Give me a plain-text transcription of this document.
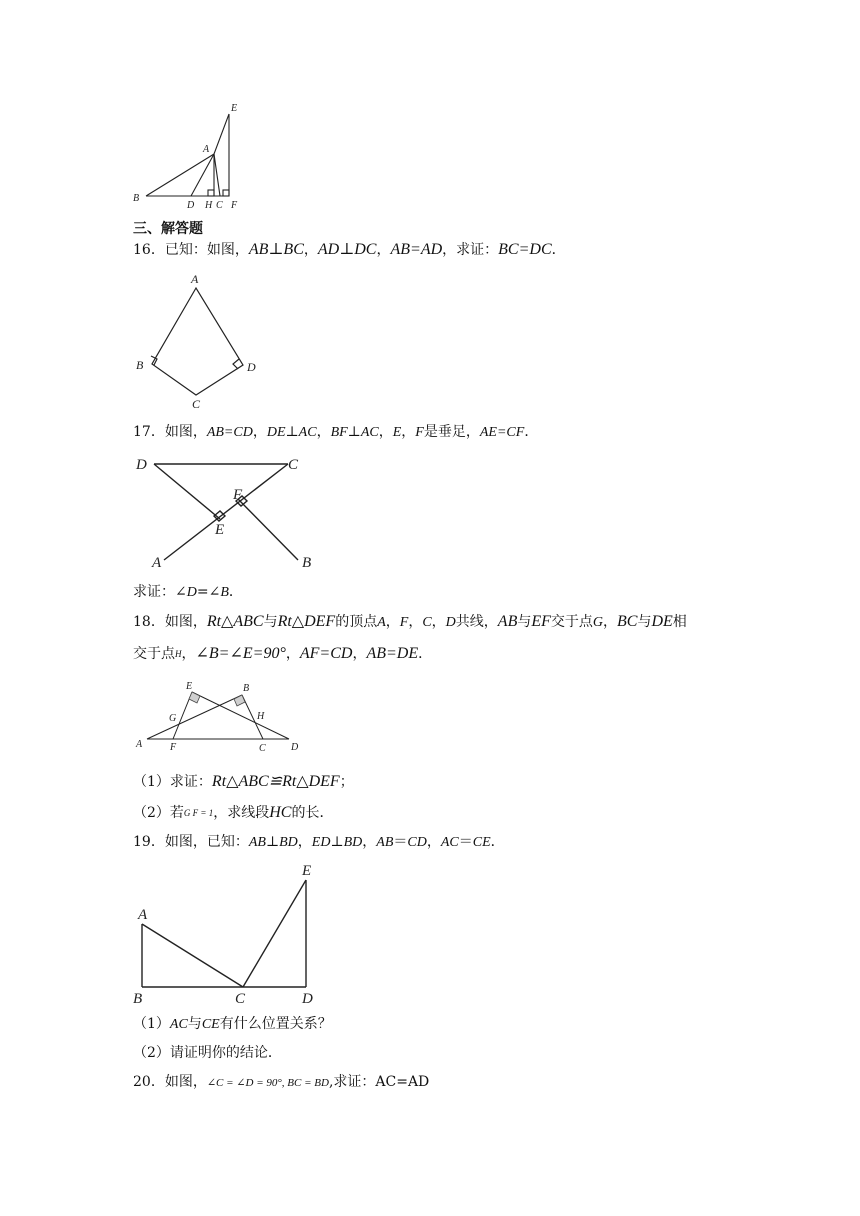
E
A
B
D H C F
三、解答题
16．已知：如图，AB⊥BC，AD⊥DC，AB=AD，求证：BC=DC．
A
B	D
C
17．如图，AB=CD，DE⊥AC，BF⊥AC，E，F是垂足，AE=CF．
D	C
F
E
A	B
求证：∠D=∠B．
18．如图，Rt△ABC与Rt△DEF的顶点A，F，C，D共线，AB与EF交于点G，BC与DE相
交于点H，∠B=∠E=90°，AF=CD，AB=DE．
E	B
G	H
A	F	C	D
（1）求证：Rt△ABC≌Rt△DEF；
（2）若G F = 1，求线段HC的长．
19．如图，已知：AB⊥BD，ED⊥BD，AB＝CD，AC＝CE．
E
A
B	C	D
（1）AC与CE有什么位置关系？
（2）请证明你的结论．
20．如图，∠C = ∠D = 90°, BC = BD,求证：AC=AD
